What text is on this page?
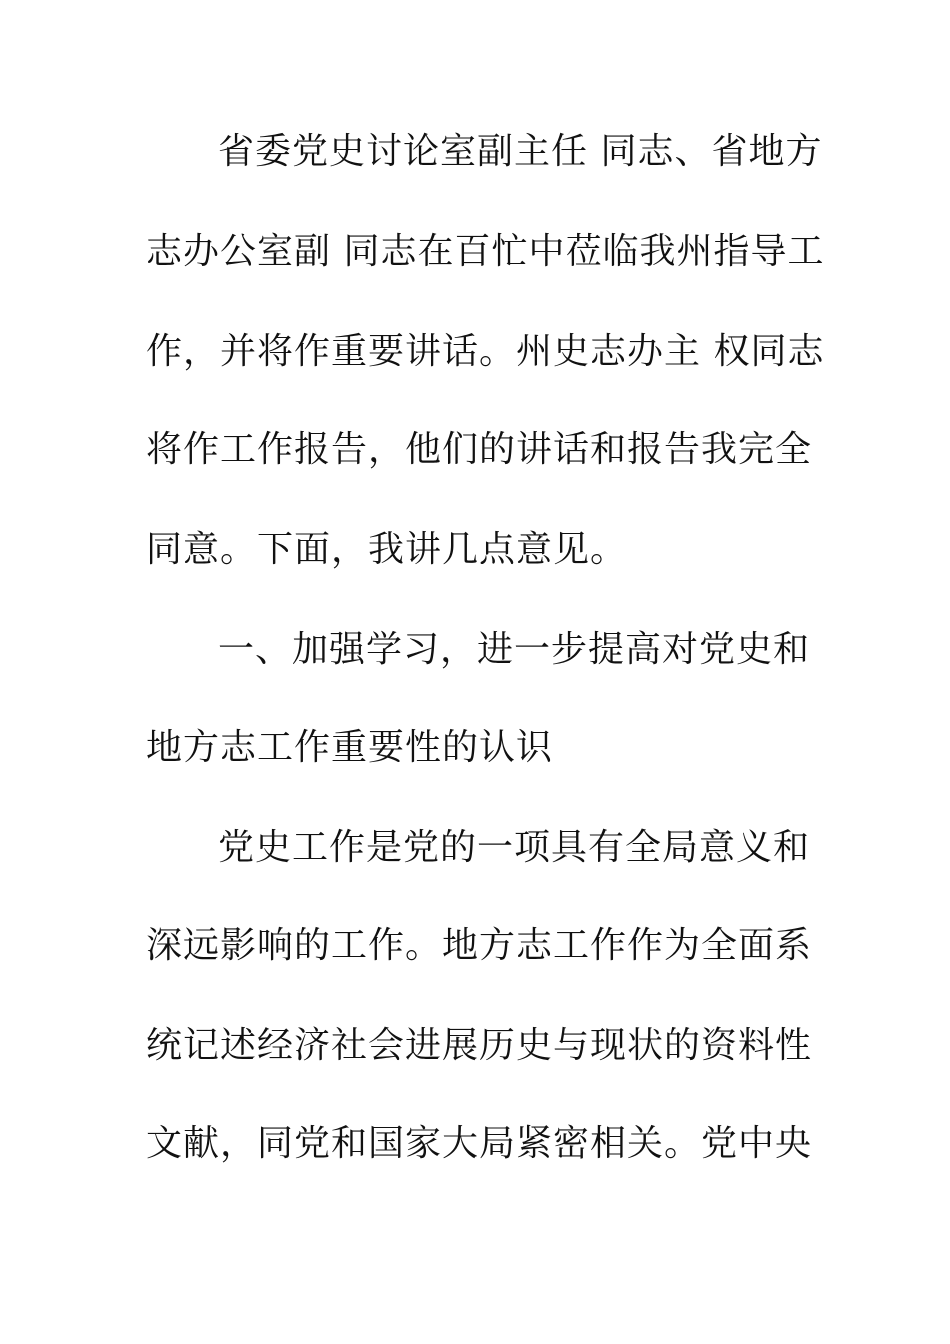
省委党史讨论室副主任 同志、省地方
志办公室副 同志在百忙中莅临我州指导工
作，并将作重要讲话。州史志办主 权同志
将作工作报告，他们的讲话和报告我完全
同意。下面，我讲几点意见。
一、加强学习，进一步提高对党史和
地方志工作重要性的认识
党史工作是党的一项具有全局意义和
深远影响的工作。地方志工作作为全面系
统记述经济社会进展历史与现状的资料性
文献，同党和国家大局紧密相关。党中央
